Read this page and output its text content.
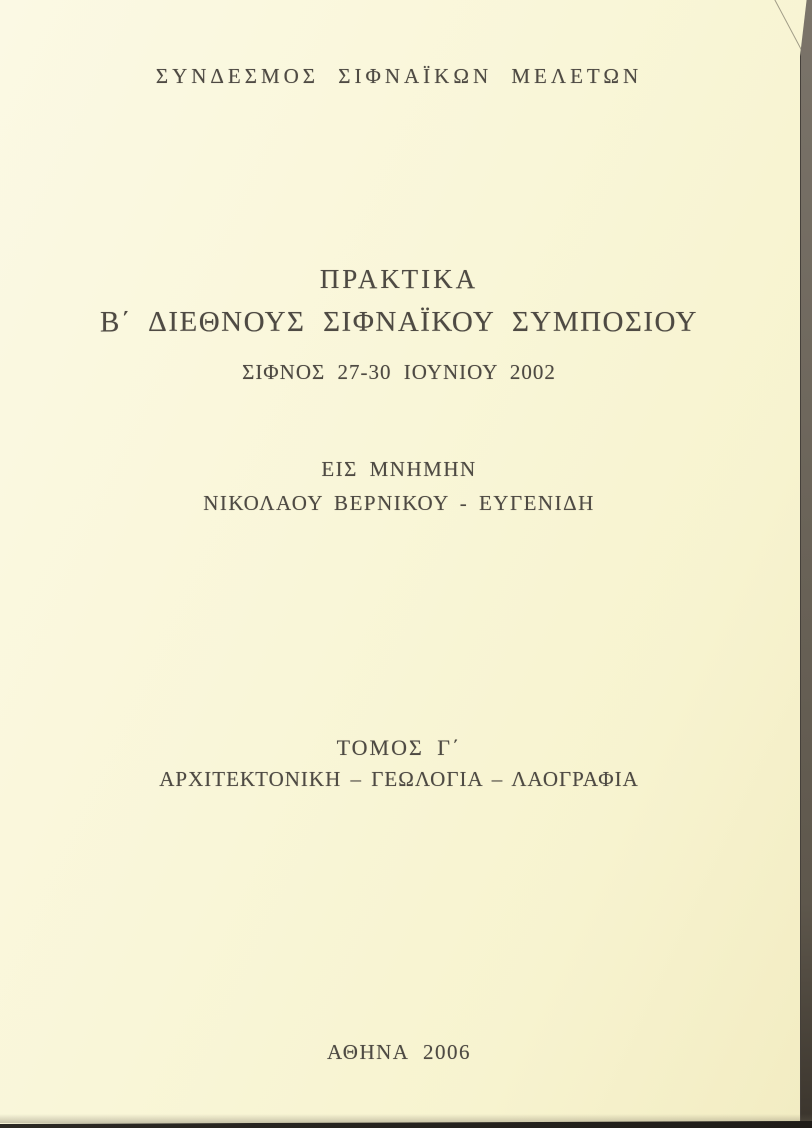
ΣΥΝΔΕΣΜΟΣ ΣΙΦΝΑΪΚΩΝ ΜΕΛΕΤΩΝ
ΠΡΑΚΤΙΚΑ
Β΄ ΔΙΕΘΝΟΥΣ ΣΙΦΝΑΪΚΟΥ ΣΥΜΠΟΣΙΟΥ
ΣΙΦΝΟΣ 27-30 ΙΟΥΝΙΟΥ 2002
ΕΙΣ ΜΝΗΜΗΝ
ΝΙΚΟΛΑΟΥ ΒΕΡΝΙΚΟΥ - ΕΥΓΕΝΙΔΗ
ΤΟΜΟΣ Γ΄
ΑΡΧΙΤΕΚΤΟΝΙΚΗ – ΓΕΩΛΟΓΙΑ – ΛΑΟΓΡΑΦΙΑ
ΑΘΗΝΑ 2006
